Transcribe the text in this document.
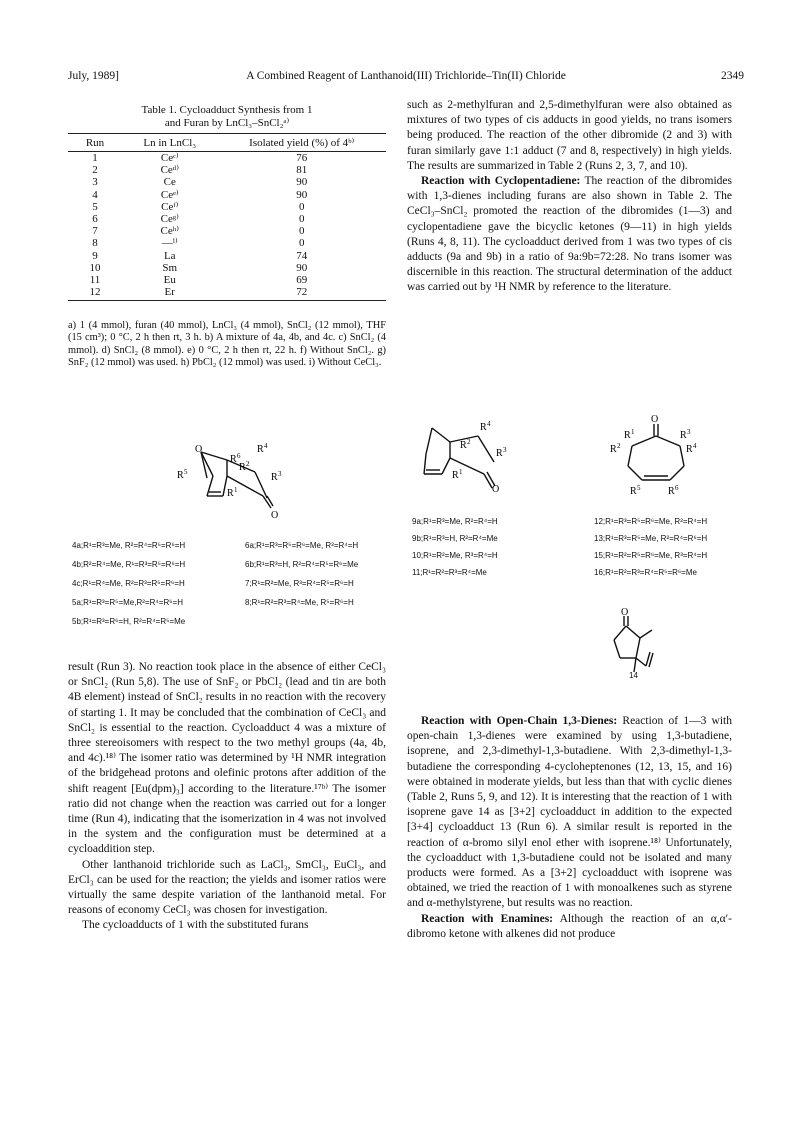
July, 1989]	A Combined Reagent of Lanthanoid(III) Trichloride–Tin(II) Chloride	2349
Table 1. Cycloadduct Synthesis from 1
and Furan by LnCl₃–SnCl₂ᵃ⁾
Run	Ln in LnCl₃	Isolated yield (%) of 4ᵇ⁾
1	Ceᶜ⁾	76
2	Ceᵈ⁾	81
3	Ce	90
4	Ceᵉ⁾	90
5	Ceᶠ⁾	0
6	Ceᵍ⁾	0
7	Ceʰ⁾	0
8	—ⁱ⁾	0
9	La	74
10	Sm	90
11	Eu	69
12	Er	72
a) 1 (4 mmol), furan (40 mmol), LnCl₃ (4 mmol), SnCl₂ (12 mmol), THF (15 cm³); 0 °C, 2 h then rt, 3 h. b) A mixture of 4a, 4b, and 4c. c) SnCl₂ (4 mmol). d) SnCl₂ (8 mmol). e) 0 °C, 2 h then rt, 22 h. f) Without SnCl₂. g) SnF₂ (12 mmol) was used. h) PbCl₂ (12 mmol) was used. i) Without CeCl₃.
O
R 6
R 4
R 2
R 3
R 5
R 1
O
4a;R¹=R³=Me, R²=R⁴=R⁵=R⁶=H
4b;R²=R⁴=Me, R¹=R³=R⁵=R⁶=H
4c;R¹=R⁴=Me, R²=R³=R⁵=R⁶=H
5a;R¹=R³=R⁵=Me,R²=R⁴=R⁶=H
5b;R¹=R³=R⁶=H, R²=R⁴=R⁵=Me
6a;R¹=R³=R⁵=R⁶=Me, R²=R⁴=H
6b;R¹=R³=H, R²=R⁴=R⁵=R⁶=Me
7;R¹=R²=Me, R³=R⁴=R⁵=R⁶=H
8;R¹=R²=R³=R⁴=Me, R⁵=R⁶=H
R 4
R 2
R 3
R 1
O
O
R 1	R 3
R 2	R 4
R 5	R 6
9a;R¹=R³=Me, R²=R⁴=H
9b;R¹=R³=H, R²=R⁴=Me
10;R¹=R²=Me, R³=R⁴=H
11;R¹=R²=R³=R⁴=Me
12;R¹=R³=R⁵=R⁶=Me, R²=R⁴=H
13;R¹=R³=R⁵=Me, R²=R⁴=R⁶=H
15;R¹=R²=R⁵=R⁶=Me, R³=R⁴=H
16;R¹=R²=R³=R⁴=R⁵=R⁶=Me
O
14

result (Run 3). No reaction took place in the absence of either CeCl₃ or SnCl₂ (Run 5,8). The use of SnF₂ or PbCl₂ (lead and tin are both 4B element) instead of SnCl₂ results in no reaction with the recovery of starting 1. It may be concluded that the combination of CeCl₃ and SnCl₂ is essential to the reaction. Cycloadduct 4 was a mixture of three stereoisomers with respect to the two methyl groups (4a, 4b, and 4c).¹⁸⁾ The isomer ratio was determined by ¹H NMR integration of the bridgehead protons and olefinic protons after addition of the shift reagent [Eu(dpm)₃] according to the literature.¹⁷ᵇ⁾ The isomer ratio did not change when the reaction was carried out for a longer time (Run 4), indicating that the isomerization in 4 was not involved in the system and the configuration must be determined at a cycloaddition step.

Other lanthanoid trichloride such as LaCl₃, SmCl₃, EuCl₃, and ErCl₃ can be used for the reaction; the yields and isomer ratios were virtually the same despite variation of the lanthanoid metal. For reasons of economy CeCl₃ was chosen for investigation.

The cycloadducts of 1 with the substituted furans

such as 2-methylfuran and 2,5-dimethylfuran were also obtained as mixtures of two types of cis adducts in good yields, no trans isomers being produced. The reaction of the other dibromide (2 and 3) with furan similarly gave 1:1 adduct (7 and 8, respectively) in high yields. The results are summarized in Table 2 (Runs 2, 3, 7, and 10).

Reaction with Cyclopentadiene: The reaction of the dibromides with 1,3-dienes including furans are also shown in Table 2. The CeCl₃–SnCl₂ promoted the reaction of the dibromides (1—3) and cyclopentadiene gave the bicyclic ketones (9—11) in high yields (Runs 4, 8, 11). The cycloadduct derived from 1 was two types of cis adducts (9a and 9b) in a ratio of 9a:9b=72:28. No trans isomer was discernible in this reaction. The structural determination of the adduct was carried out by ¹H NMR by reference to the literature.

Reaction with Open-Chain 1,3-Dienes: Reaction of 1—3 with open-chain 1,3-dienes were examined by using 1,3-butadiene, isoprene, and 2,3-dimethyl-1,3-butadiene. With 2,3-dimethyl-1,3-butadiene the corresponding 4-cycloheptenones (12, 13, 15, and 16) were obtained in moderate yields, but less than that with cyclic dienes (Table 2, Runs 5, 9, and 12). It is interesting that the reaction of 1 with isoprene gave 14 as [3+2] cycloadduct in addition to the expected [3+4] cycloadduct 13 (Run 6). A similar result is reported in the reaction of α-bromo silyl enol ether with isoprene.¹⁸⁾ Unfortunately, the cycloadduct with 1,3-butadiene could not be isolated and many products were formed. As a [3+2] cycloadduct with isoprene was obtained, we tried the reaction of 1 with monoalkenes such as styrene and α-methylstyrene, but results was no reaction.

Reaction with Enamines: Although the reaction of an α,α′-dibromo ketone with alkenes did not produce
